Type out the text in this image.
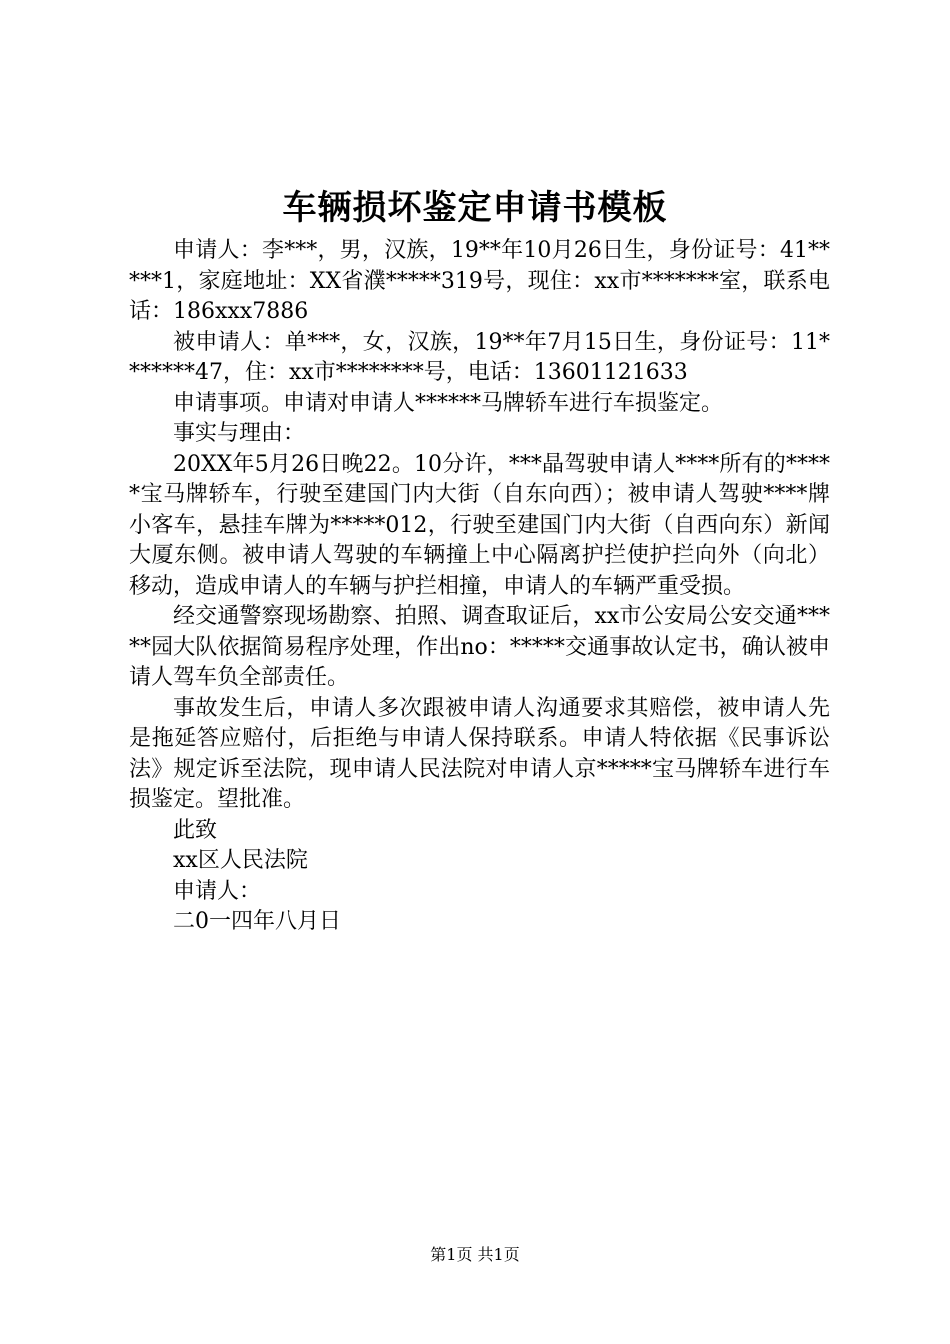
车辆损坏鉴定申请书模板

申请人：李***，男，汉族，19**年10月26日生，身份证号：41*****1，家庭地址：XX省濮*****319号，现住：xx市*******室，联系电话：186xxx7886

被申请人：单***，女，汉族，19**年7月15日生，身份证号：11*******47，住：xx市********号，电话：13601121633

申请事项。申请对申请人******马牌轿车进行车损鉴定。

事实与理由：

20XX年5月26日晚22。10分许，***晶驾驶申请人****所有的*****宝马牌轿车，行驶至建国门内大街（自东向西）；被申请人驾驶****牌小客车，悬挂车牌为*****012，行驶至建国门内大街（自西向东）新闻大厦东侧。被申请人驾驶的车辆撞上中心隔离护拦使护拦向外（向北）移动，造成申请人的车辆与护拦相撞，申请人的车辆严重受损。

经交通警察现场勘察、拍照、调查取证后，xx市公安局公安交通*****园大队依据简易程序处理，作出no：*****交通事故认定书，确认被申请人驾车负全部责任。

事故发生后，申请人多次跟被申请人沟通要求其赔偿，被申请人先是拖延答应赔付，后拒绝与申请人保持联系。申请人特依据《民事诉讼法》规定诉至法院，现申请人民法院对申请人京*****宝马牌轿车进行车损鉴定。望批准。

此致

xx区人民法院

申请人：

二0一四年八月日

第1页 共1页
